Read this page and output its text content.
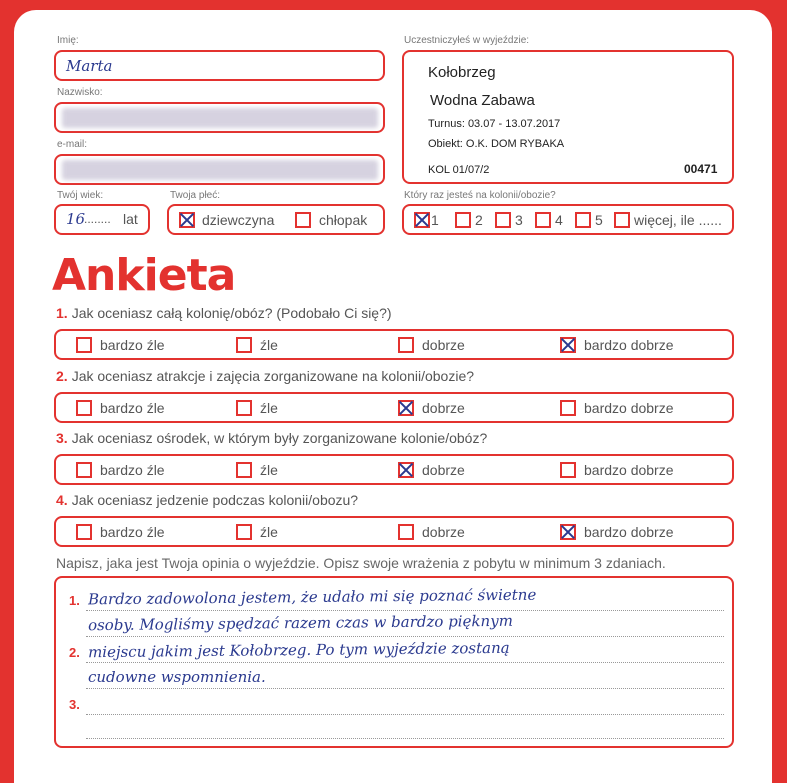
Imię:
Marta
Nazwisko:
e-mail:
Twój wiek:
16
........ lat
Twoja płeć:
dziewczyna	chłopak
Uczestniczyłeś w wyjeździe:
Kołobrzeg
Wodna Zabawa
Turnus: 03.07 - 13.07.2017
Obiekt: O.K. DOM RYBAKA
KOL 01/07/2	00471
Który raz jesteś na kolonii/obozie?
1	2 3 4 5 więcej, ile ......
Ankieta
1. Jak oceniasz całą kolonię/obóz? (Podobało Ci się?)
bardzo źle	źle	dobrze	bardzo dobrze
2. Jak oceniasz atrakcje i zajęcia zorganizowane na kolonii/obozie?
bardzo źle	źle	dobrze	bardzo dobrze
3. Jak oceniasz ośrodek, w którym były zorganizowane kolonie/obóz?
bardzo źle	źle	dobrze	bardzo dobrze
4. Jak oceniasz jedzenie podczas kolonii/obozu?
bardzo źle	źle	dobrze	bardzo dobrze
Napisz, jaka jest Twoja opinia o wyjeździe. Opisz swoje wrażenia z pobytu w minimum 3 zdaniach.
1.
2.
3.
Bardzo zadowolona jestem, że udało mi się poznać świetne
osoby. Mogliśmy spędzać razem czas w bardzo pięknym
miejscu jakim jest Kołobrzeg. Po tym wyjeździe zostaną
cudowne wspomnienia.
